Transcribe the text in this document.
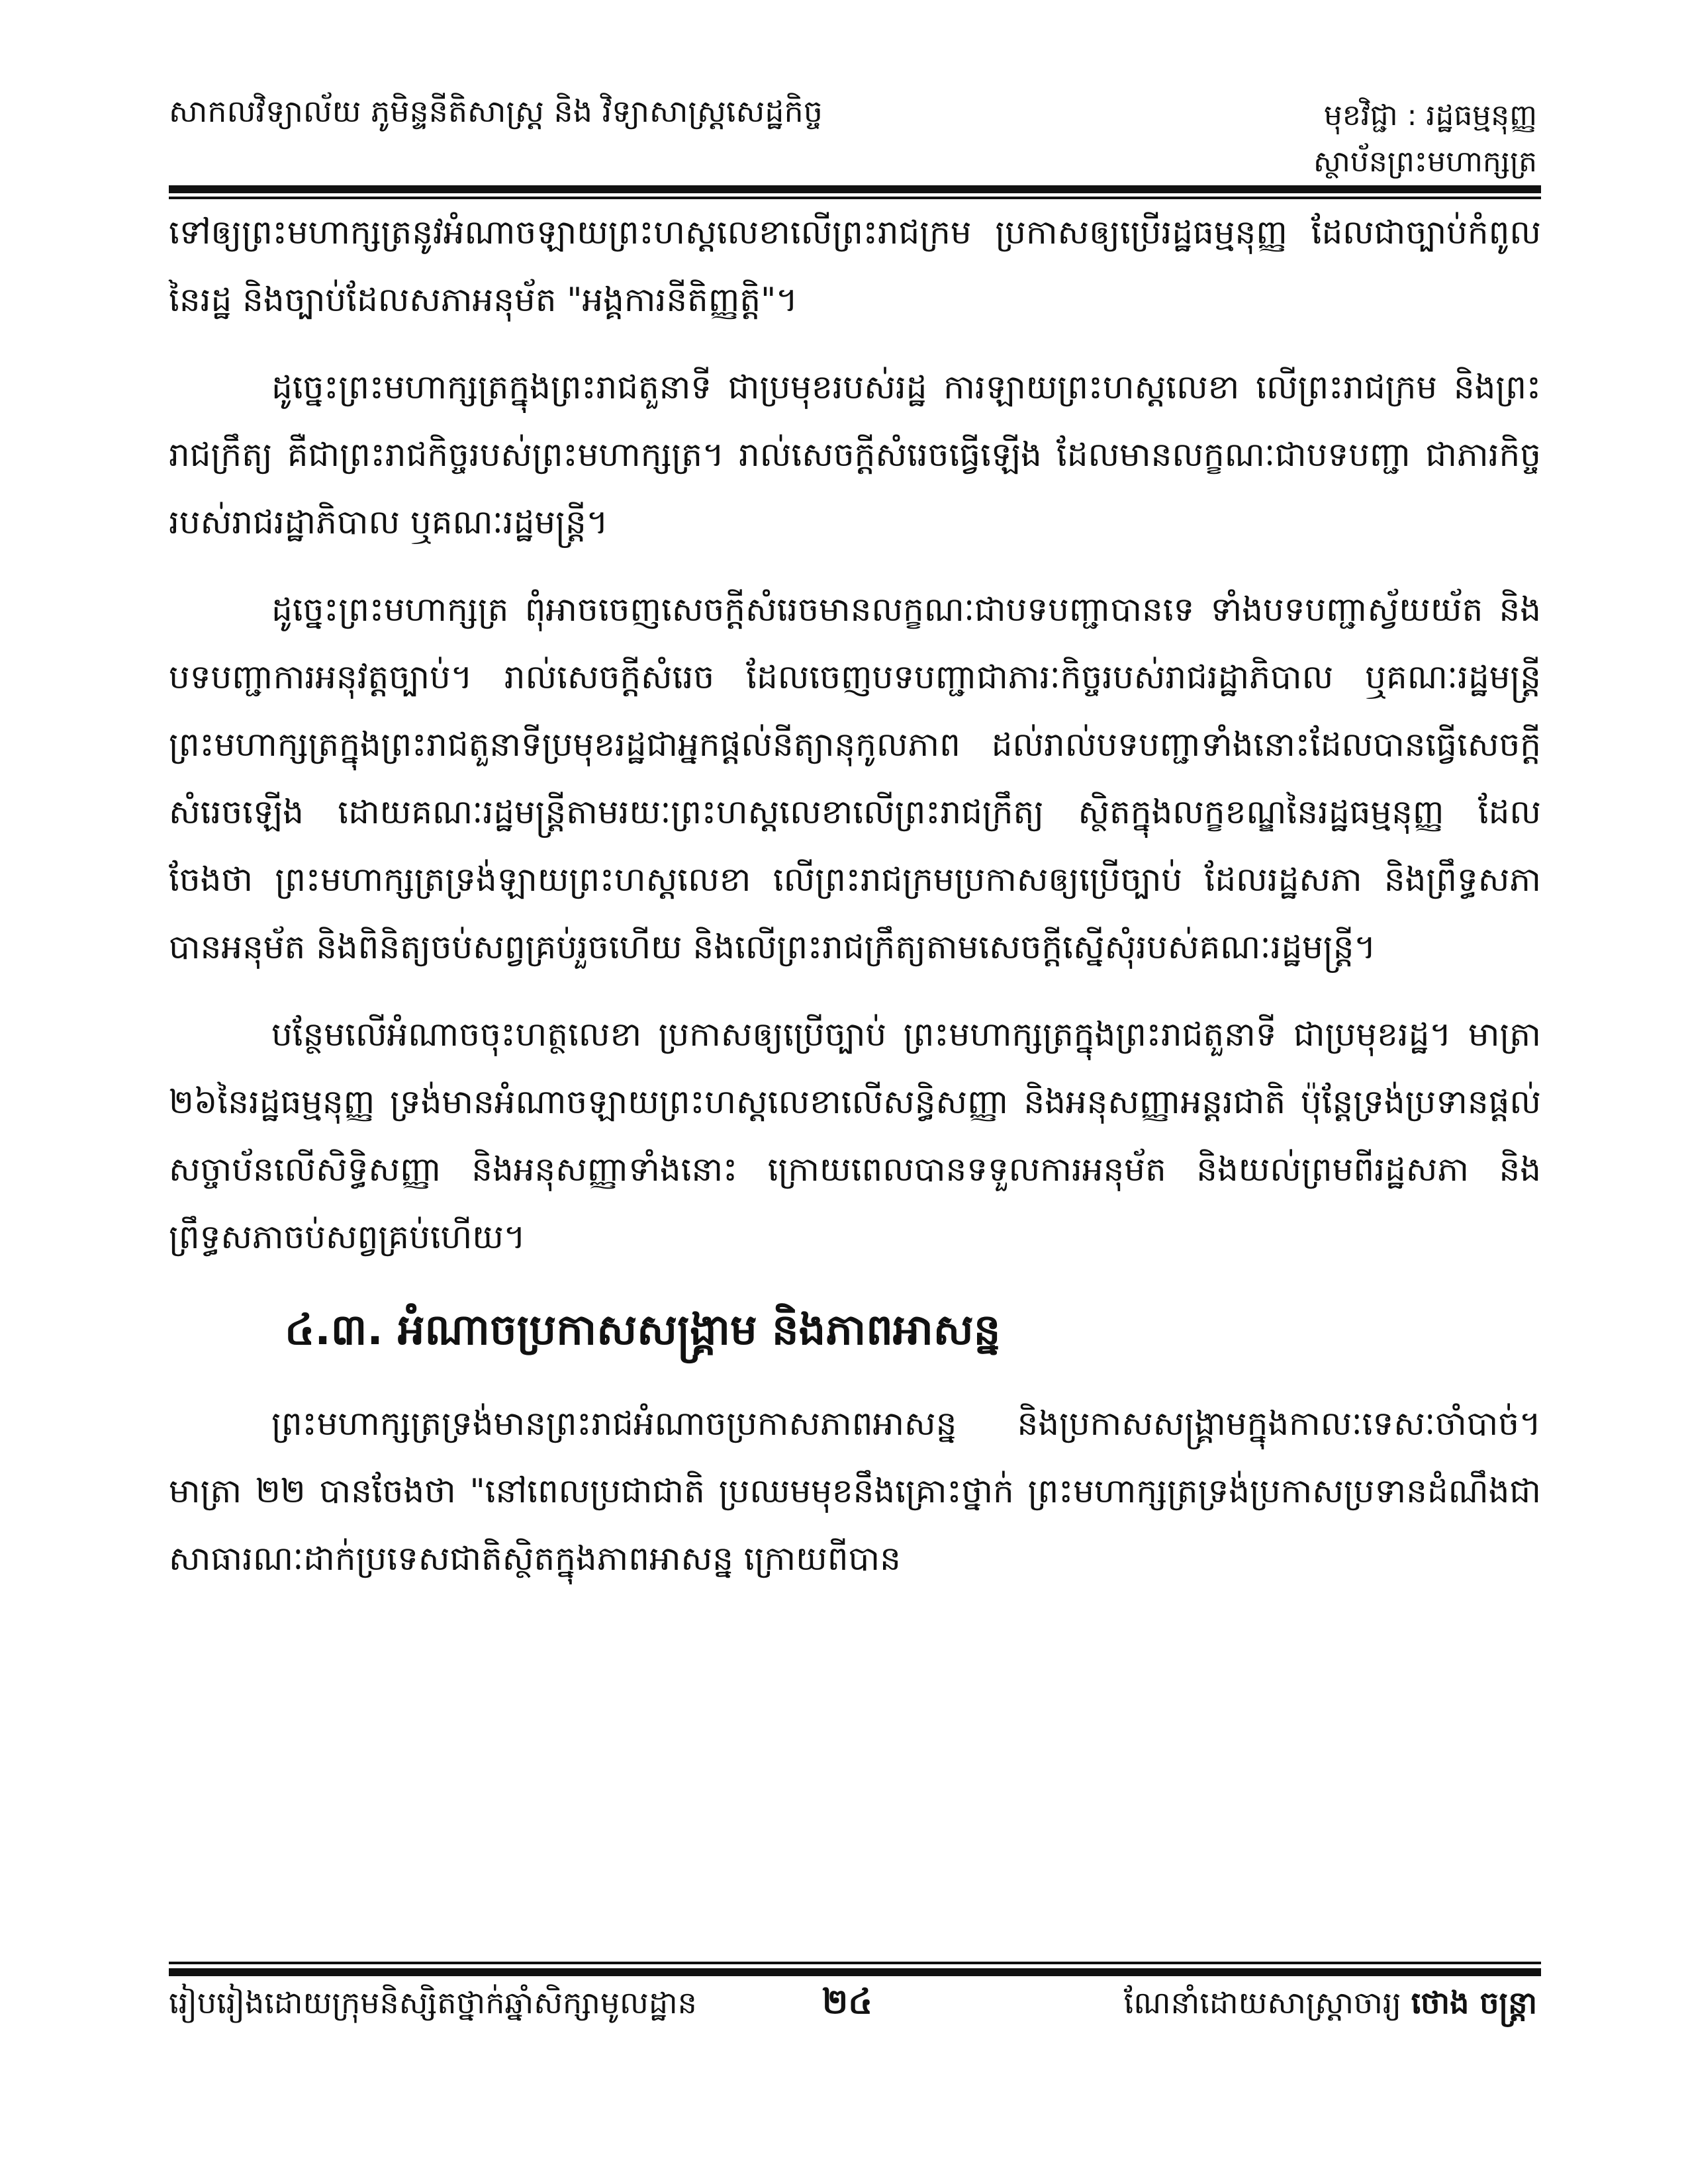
សាកលវិទ្យាល័យ ភូមិន្ទនីតិសាស្ត្រ និង វិទ្យាសាស្ត្រសេដ្ឋកិច្ច	មុខវិជ្ជា : រដ្ឋធម្មនុញ្ញ
ស្ថាប័នព្រះមហាក្សត្រ

ទៅឲ្យព្រះមហាក្សត្រនូវអំណាចឡាយព្រះហស្តលេខាលើព្រះរាជក្រម ប្រកាសឲ្យប្រើរដ្ឋធម្មនុញ្ញ ដែលជាច្បាប់កំពូលនៃរដ្ឋ និងច្បាប់ដែលសភាអនុម័ត "អង្គការនីតិញ្ញត្តិ"។

ដូច្នេះព្រះមហាក្សត្រក្នុងព្រះរាជតួនាទី ជាប្រមុខរបស់រដ្ឋ ការឡាយព្រះហស្តលេខា លើព្រះរាជក្រម និងព្រះរាជក្រឹត្យ គឺជាព្រះរាជកិច្ចរបស់ព្រះមហាក្សត្រ។ រាល់សេចក្តីសំរេចធ្វើឡើង ដែលមានលក្ខណៈជាបទបញ្ជា ជាភារកិច្ចរបស់រាជរដ្ឋាភិបាល ឬគណៈរដ្ឋមន្ត្រី។

ដូច្នេះព្រះមហាក្សត្រ ពុំអាចចេញសេចក្តីសំរេចមានលក្ខណៈជាបទបញ្ជាបានទេ ទាំងបទបញ្ជាស្វ័យយ័ត និងបទបញ្ជាការអនុវត្តច្បាប់។ រាល់សេចក្តីសំរេច ដែលចេញបទបញ្ជាជាភារៈកិច្ចរបស់រាជរដ្ឋាភិបាល ឬគណៈរដ្ឋមន្ត្រី ព្រះមហាក្សត្រក្នុងព្រះរាជតួនាទីប្រមុខរដ្ឋជាអ្នកផ្តល់នីត្យានុកូលភាព ដល់រាល់បទបញ្ជាទាំងនោះដែលបានធ្វើសេចក្តីសំរេចឡើង ដោយគណៈរដ្ឋមន្ត្រីតាមរយៈព្រះហស្តលេខាលើព្រះរាជក្រឹត្យ ស្ថិតក្នុងលក្ខខណ្ឌនៃរដ្ឋធម្មនុញ្ញ ដែលចែងថា ព្រះមហាក្សត្រទ្រង់ឡាយព្រះហស្តលេខា លើព្រះរាជក្រមប្រកាសឲ្យប្រើច្បាប់ ដែលរដ្ឋសភា និងព្រឹទ្ធសភាបានអនុម័ត និងពិនិត្យចប់សព្វគ្រប់រួចហើយ និងលើព្រះរាជក្រឹត្យតាមសេចក្តីស្នើសុំរបស់គណៈរដ្ឋមន្ត្រី។

បន្ថែមលើអំណាចចុះហត្ថលេខា ប្រកាសឲ្យប្រើច្បាប់ ព្រះមហាក្សត្រក្នុងព្រះរាជតួនាទី ជាប្រមុខរដ្ឋ។ មាត្រា ២៦នៃរដ្ឋធម្មនុញ្ញ ទ្រង់មានអំណាចឡាយព្រះហស្តលេខាលើសន្ធិសញ្ញា និងអនុសញ្ញាអន្តរជាតិ ប៉ុន្តែទ្រង់ប្រទានផ្តល់សច្ចាប័នលើសិទ្ធិសញ្ញា និងអនុសញ្ញាទាំងនោះ ក្រោយពេលបានទទួលការអនុម័ត និងយល់ព្រមពីរដ្ឋសភា និងព្រឹទ្ធសភាចប់សព្វគ្រប់ហើយ។

៤.៣. អំណាចប្រកាសសង្គ្រាម និងភាពអាសន្ន

ព្រះមហាក្សត្រទ្រង់មានព្រះរាជអំណាចប្រកាសភាពអាសន្ន និងប្រកាសសង្គ្រាមក្នុងកាលៈទេសៈចាំបាច់។ មាត្រា ២២ បានចែងថា "នៅពេលប្រជាជាតិ ប្រឈមមុខនឹងគ្រោះថ្នាក់ ព្រះមហាក្សត្រទ្រង់ប្រកាសប្រទានដំណឹងជាសាធារណៈដាក់ប្រទេសជាតិស្ថិតក្នុងភាពអាសន្ន ក្រោយពីបាន

រៀបរៀងដោយក្រុមនិស្សិតថ្នាក់ឆ្នាំសិក្សាមូលដ្ឋាន	២៤	ណែនាំដោយសាស្ត្រាចារ្យ ថោង ចន្ត្រា
